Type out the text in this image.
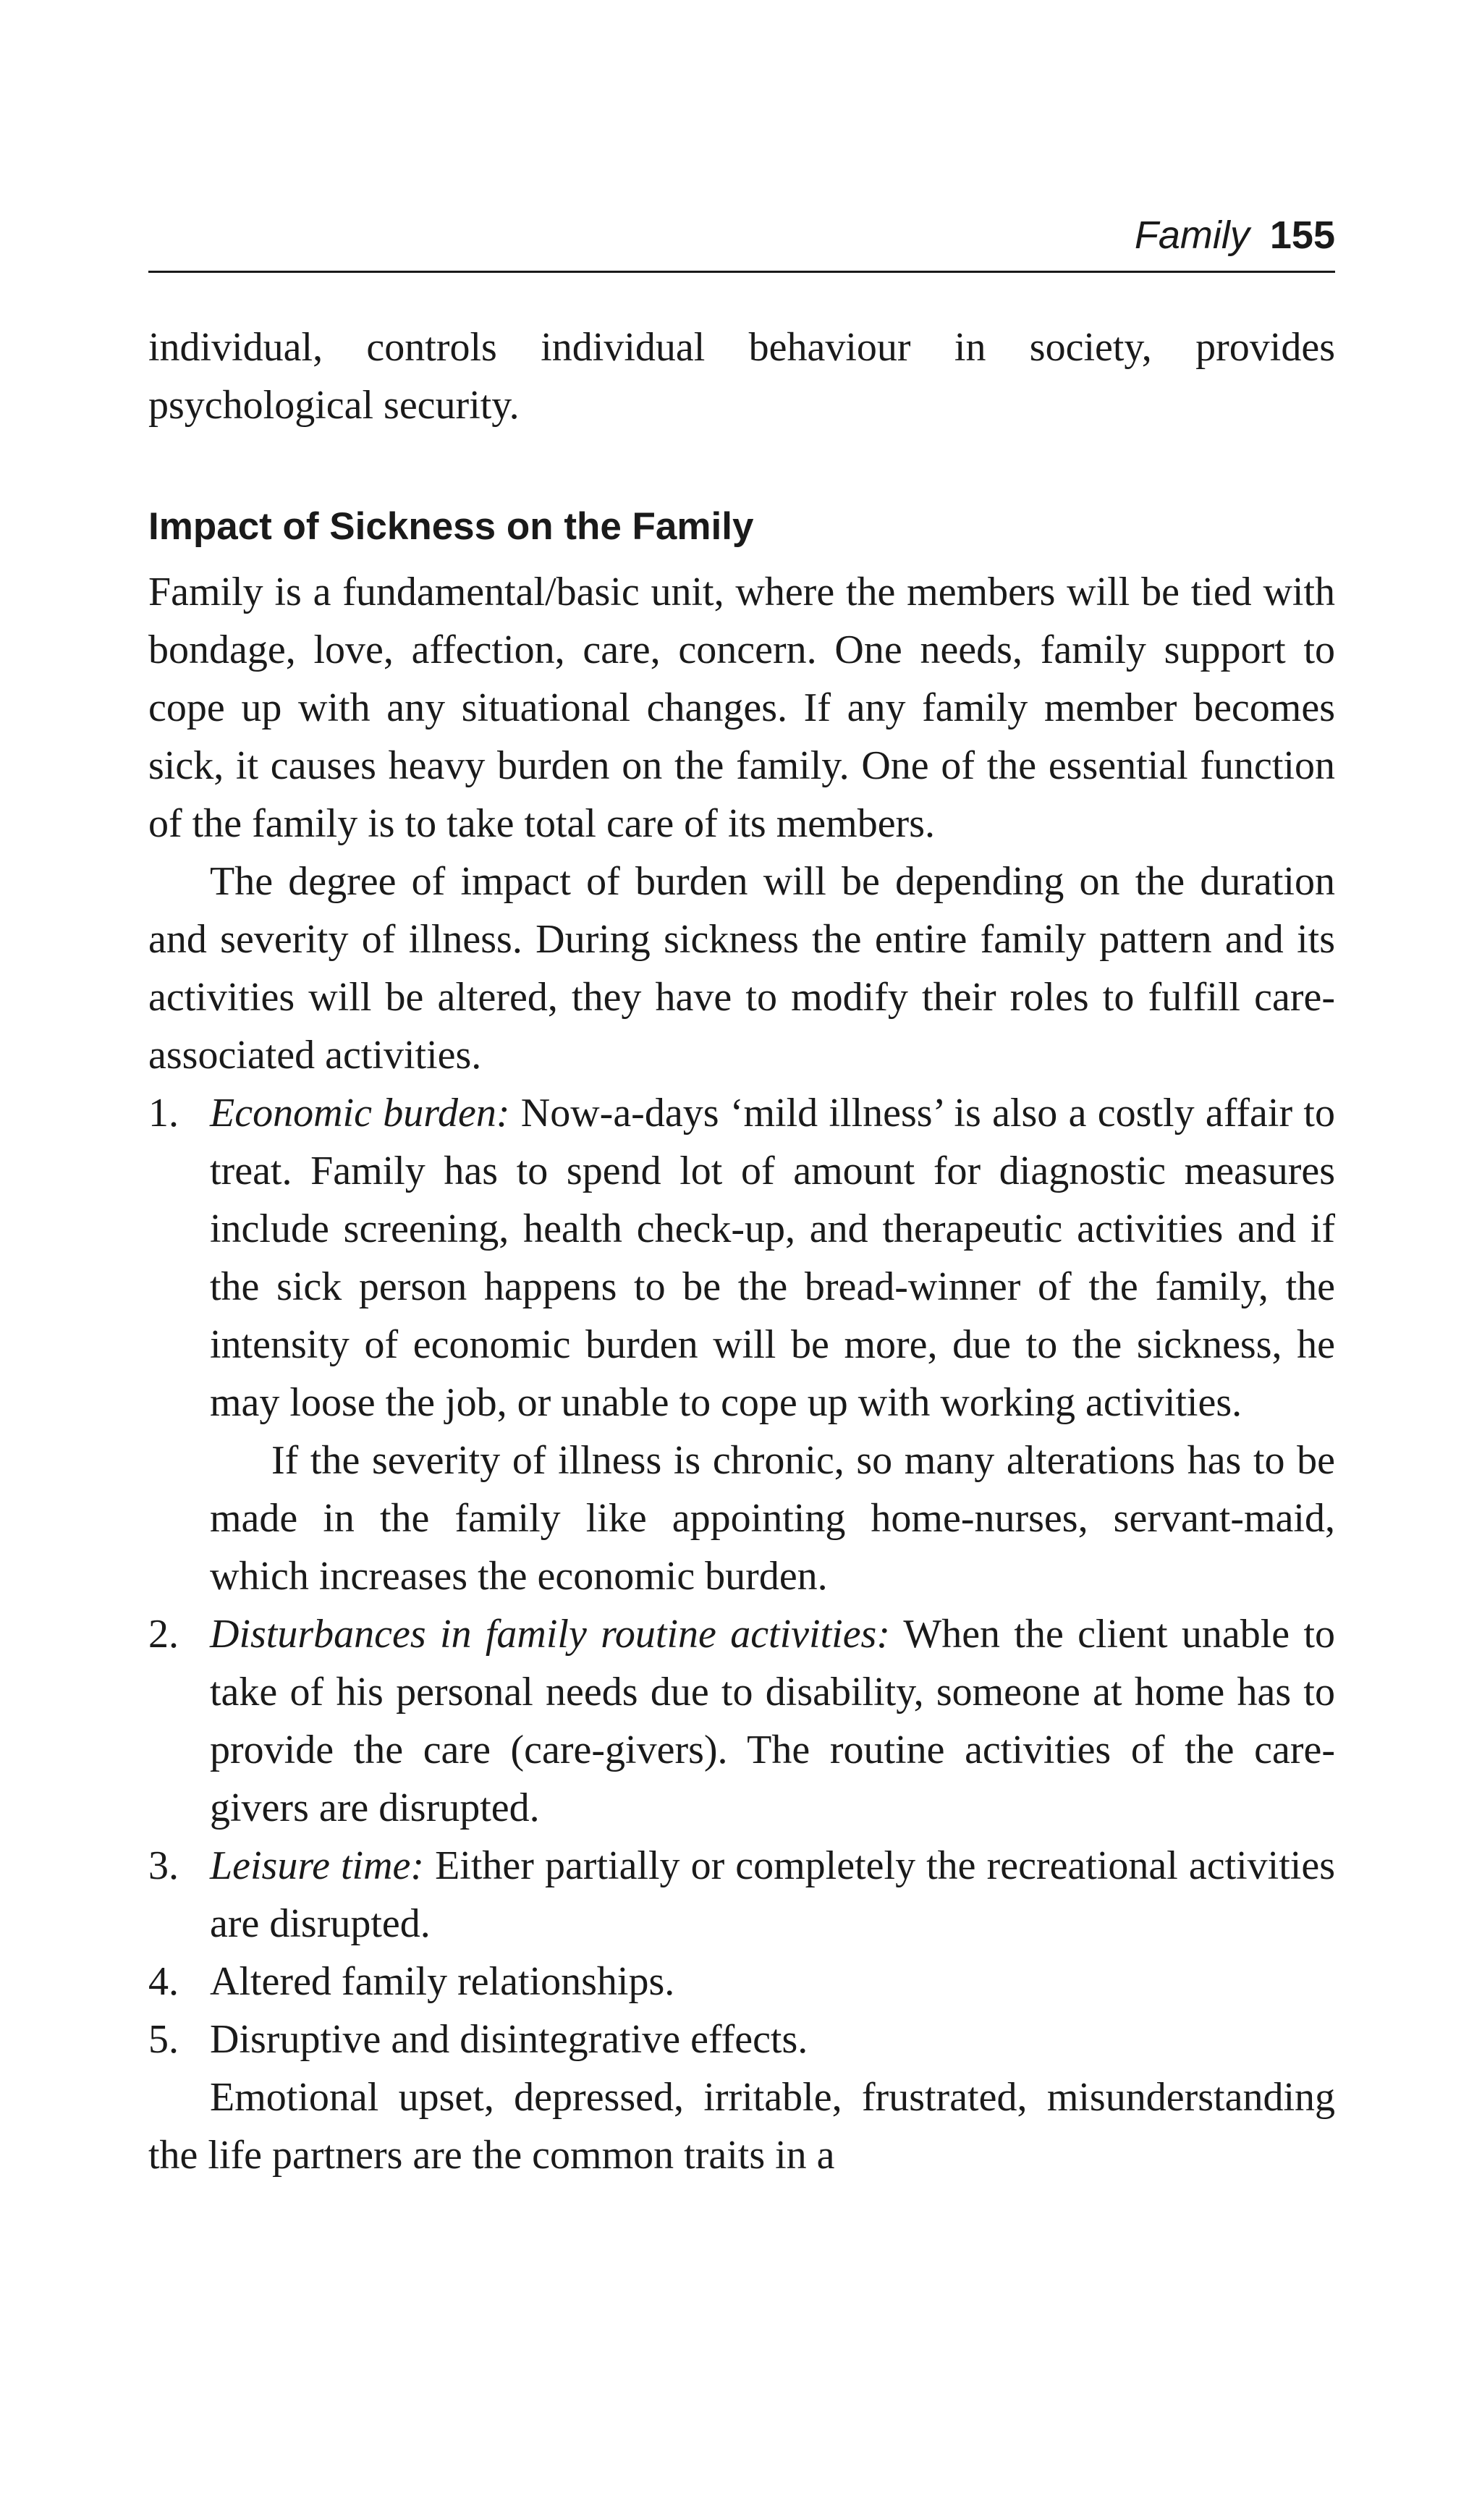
Family 155

individual, controls individual behaviour in society, provides psychological security.

Impact of Sickness on the Family

Family is a fundamental/basic unit, where the members will be tied with bondage, love, affection, care, concern. One needs, family support to cope up with any situational changes. If any family member becomes sick, it causes heavy burden on the family. One of the essential function of the family is to take total care of its members.

The degree of impact of burden will be depending on the duration and severity of illness. During sickness the entire family pattern and its activities will be altered, they have to modify their roles to fulfill care-associated activities.

1. Economic burden: Now-a-days ‘mild illness’ is also a costly affair to treat. Family has to spend lot of amount for diagnostic measures include screening, health check-up, and therapeutic activities and if the sick person happens to be the bread-winner of the family, the intensity of economic burden will be more, due to the sickness, he may loose the job, or unable to cope up with working activities.

If the severity of illness is chronic, so many alterations has to be made in the family like appointing home-nurses, servant-maid, which increases the economic burden.

2. Disturbances in family routine activities: When the client unable to take of his personal needs due to disability, someone at home has to provide the care (care-givers). The routine activities of the care-givers are disrupted.

3. Leisure time: Either partially or completely the recreational activities are disrupted.

4. Altered family relationships.

5. Disruptive and disintegrative effects.

Emotional upset, depressed, irritable, frustrated, misunderstanding the life partners are the common traits in a
